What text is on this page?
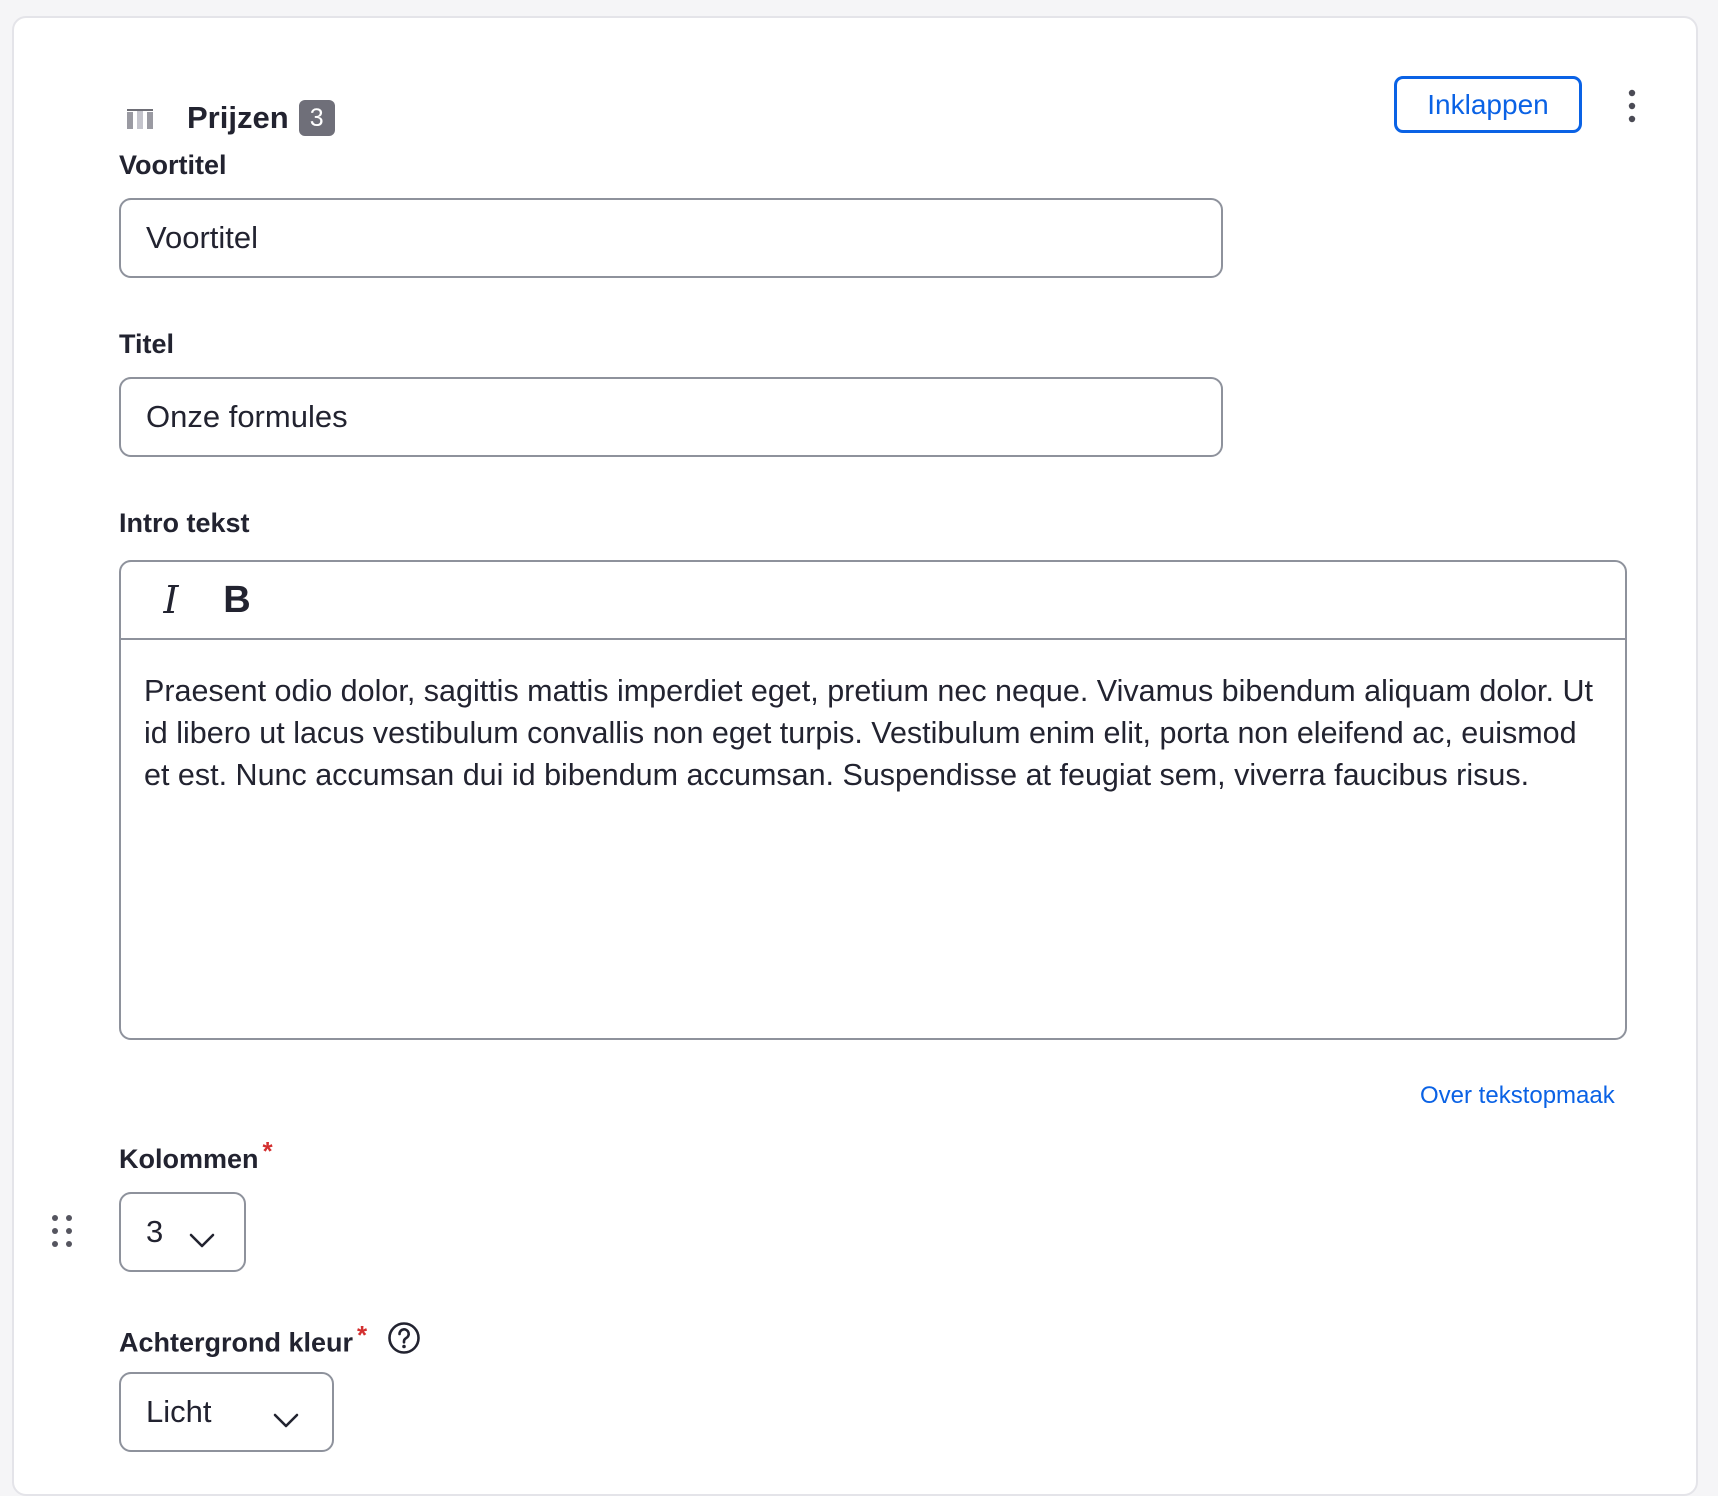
Prijzen 3	Inklappen
Voortitel
Voortitel
Titel
Onze formules
Intro tekst
I	B
Praesent odio dolor, sagittis mattis imperdiet eget, pretium nec neque. Vivamus bibendum aliquam dolor. Ut id libero ut lacus vestibulum convallis non eget turpis. Vestibulum enim elit, porta non eleifend ac, euismod et est. Nunc accumsan dui id bibendum accumsan. Suspendisse at feugiat sem, viverra faucibus risus.
Over tekstopmaak
Kolommen *
3
Achtergrond kleur *
Licht
